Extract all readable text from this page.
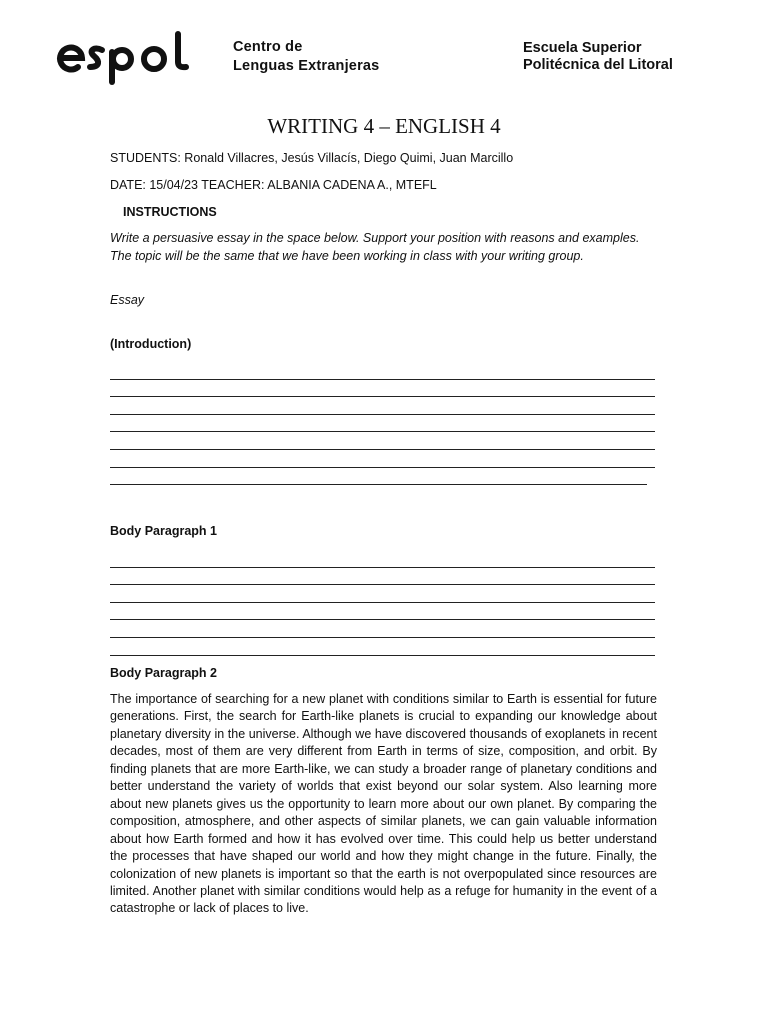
Centro de
Lenguas Extranjeras
Escuela Superior
Politécnica del Litoral
WRITING 4 – ENGLISH 4
STUDENTS: Ronald Villacres, Jesús Villacís, Diego Quimi, Juan Marcillo
DATE: 15/04/23 TEACHER: ALBANIA CADENA A., MTEFL
INSTRUCTIONS
Write a persuasive essay in the space below. Support your position with reasons and examples. The topic will be the same that we have been working in class with your writing group.
Essay
(Introduction)
Body Paragraph 1
Body Paragraph 2
The importance of searching for a new planet with conditions similar to Earth is essential for future generations. First, the search for Earth-like planets is crucial to expanding our knowledge about planetary diversity in the universe. Although we have discovered thousands of exoplanets in recent decades, most of them are very different from Earth in terms of size, composition, and orbit. By finding planets that are more Earth-like, we can study a broader range of planetary conditions and better understand the variety of worlds that exist beyond our solar system. Also learning more about new planets gives us the opportunity to learn more about our own planet. By comparing the composition, atmosphere, and other aspects of similar planets, we can gain valuable information about how Earth formed and how it has evolved over time. This could help us better understand the processes that have shaped our world and how they might change in the future. Finally, the colonization of new planets is important so that the earth is not overpopulated since resources are limited. Another planet with similar conditions would help as a refuge for humanity in the event of a catastrophe or lack of places to live.
